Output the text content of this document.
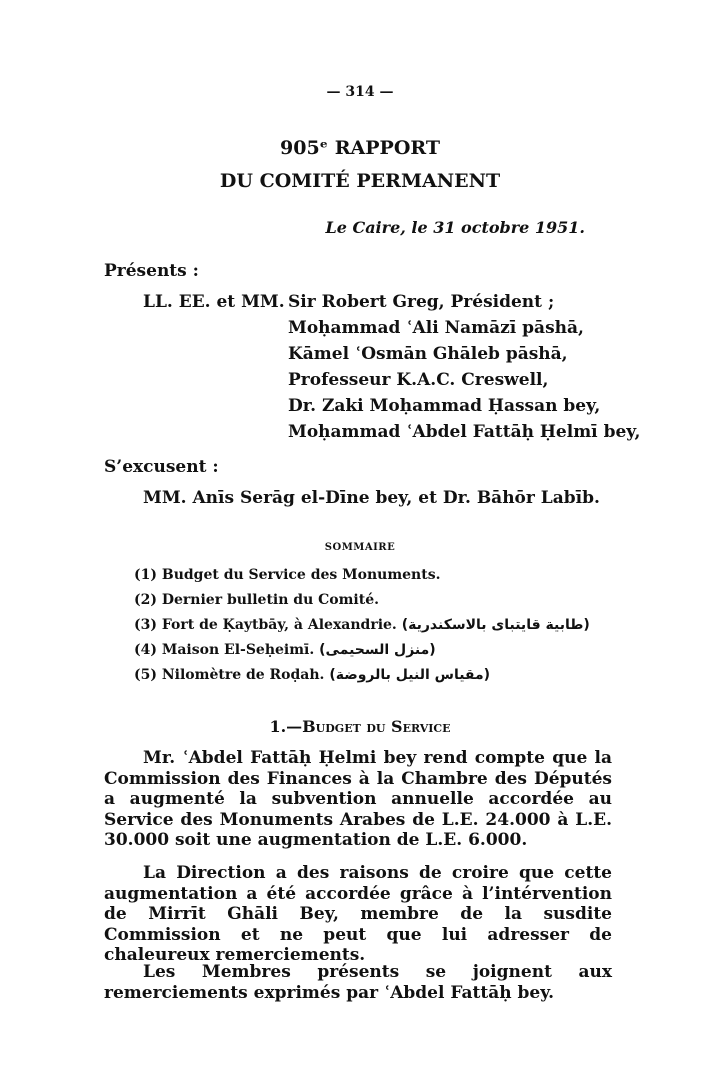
— 314 —
905ᵉ RAPPORT
DU COMITÉ PERMANENT
Le Caire, le 31 octobre 1951.
Présents :
LL. EE. et MM. Sir Robert Greg, Président ;
Moḥammad ʿAli Namāzī pāshā,
Kāmel ʿOsmān Ghāleb pāshā,
Professeur K.A.C. Creswell,
Dr. Zaki Moḥammad Ḥassan bey,
Moḥammad ʿAbdel Fattāḥ Ḥelmī bey,
S’excusent :
MM. Anīs Serāg el-Dīne bey, et Dr. Bāhōr Labīb.
SOMMAIRE
(1) Budget du Service des Monuments.
(2) Dernier bulletin du Comité.
(3) Fort de Ḳaytbāy, à Alexandrie. (طابية قايتباى بالاسكندرية)
(4) Maison El-Seḥeimī. (منزل السحيمى)
(5) Nilomètre de Roḍah. (مقياس النيل بالروضة)
1.—Budget du Service
Mr. ʿAbdel Fattāḥ Ḥelmi bey rend compte que la Commission des Finances à la Chambre des Députés a augmenté la subvention annuelle accordée au Service des Monuments Arabes de L.E. 24.000 à L.E. 30.000 soit une augmentation de L.E. 6.000.
La Direction a des raisons de croire que cette augmentation a été accordée grâce à l’intérvention de Mirrīt Ghāli Bey, membre de la susdite Commission et ne peut que lui adresser de chaleureux remerciements.
Les Membres présents se joignent aux remerciements exprimés par ʿAbdel Fattāḥ bey.
